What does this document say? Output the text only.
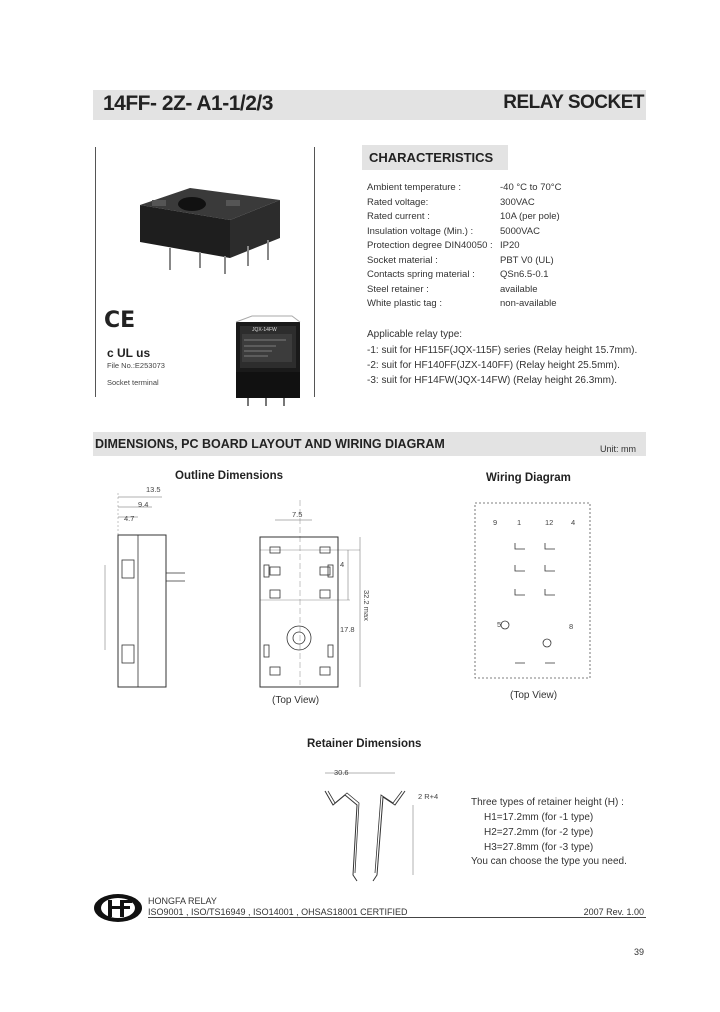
14FF- 2Z- A1-1/2/3	RELAY SOCKET
CE
c UL us
File No.:E253073
Socket terminal
JQX-14FW
CHARACTERISTICS
Ambient temperature :	-40 °C to 70°C
Rated voltage:	300VAC
Rated current :	10A (per pole)
Insulation voltage (Min.) :	5000VAC
Protection degree DIN40050 : IP20
Socket material :	PBT V0 (UL)
Contacts spring material :	QSn6.5-0.1
Steel retainer :	available
White plastic tag :	non-available
Applicable relay type:
-1: suit for HF115F(JQX-115F) series (Relay height 15.7mm).
-2: suit for HF140FF(JZX-140FF) (Relay height 25.5mm).
-3: suit for HF14FW(JQX-14FW) (Relay height 26.3mm).
DIMENSIONS, PC BOARD LAYOUT AND WIRING DIAGRAM	Unit: mm
Outline Dimensions	Wiring Diagram
13.5
9.4
4.7	7.5
4
32.2 max
17.8
(Top View)
9	1	12 4
5	8
(Top View)
Retainer Dimensions
30.6
2 R+4
Three types of retainer height (H) :
H1=17.2mm (for -1 type)
H2=27.2mm (for -2 type)
H3=27.8mm (for -3 type)
You can choose the type you need.
HONGFA RELAY
ISO9001 , ISO/TS16949 , ISO14001 , OHSAS18001 CERTIFIED	2007 Rev. 1.00
39
